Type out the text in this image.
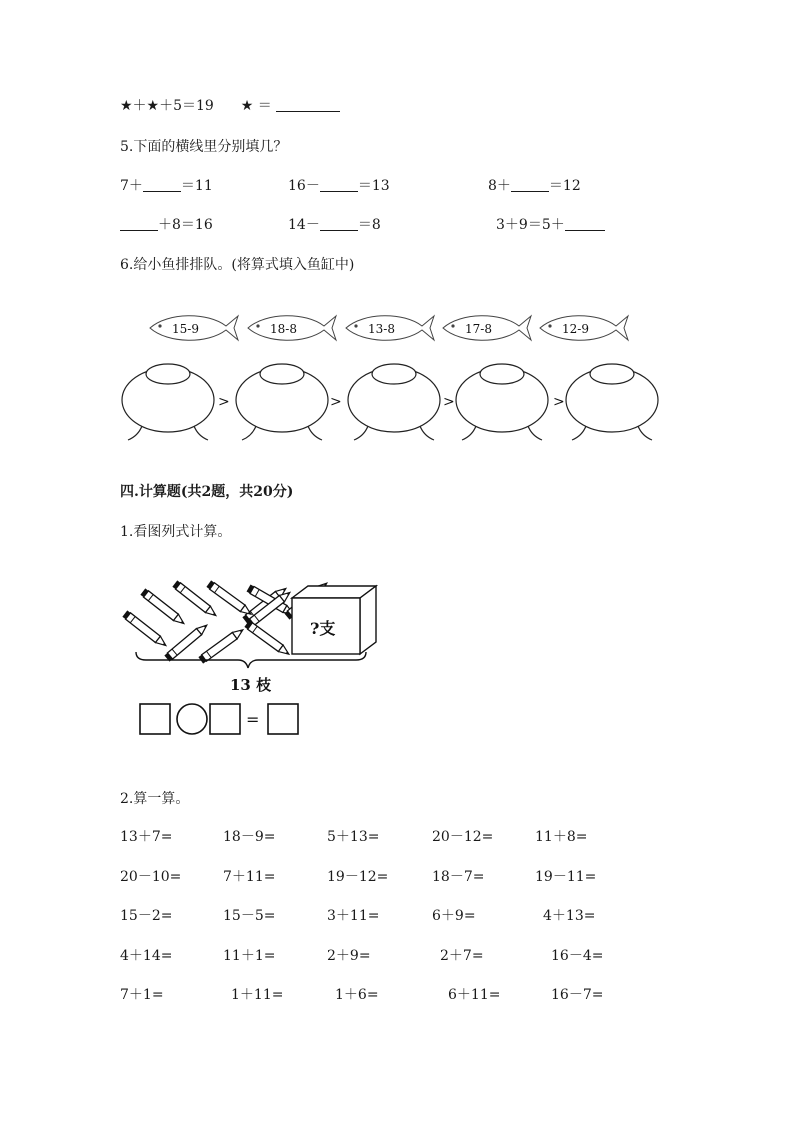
★＋★＋5＝19 ★ ＝
5.下面的横线里分别填几？
7＋	＝11	16－	＝13	8＋	＝12
＋8＝16	14－	＝8	3＋9＝5＋
6.给小鱼排排队。(将算式填入鱼缸中)
15-9	18-8	13-8	17-8	12-9
>	>	>	>
四.计算题(共2题，共20分)
1.看图列式计算。
?支
13 枝
=
2.算一算。
13＋7=	18－9=	5＋13=	20－12=	11＋8=
20－10=	7＋11=	19－12=	18－7=	19－11=
15－2=	15－5=	3＋11=	6＋9=	4＋13=
4＋14=	11＋1=	2＋9=	2＋7=	16－4=
7＋1=	1＋11=	1＋6=	6＋11=	16－7=
